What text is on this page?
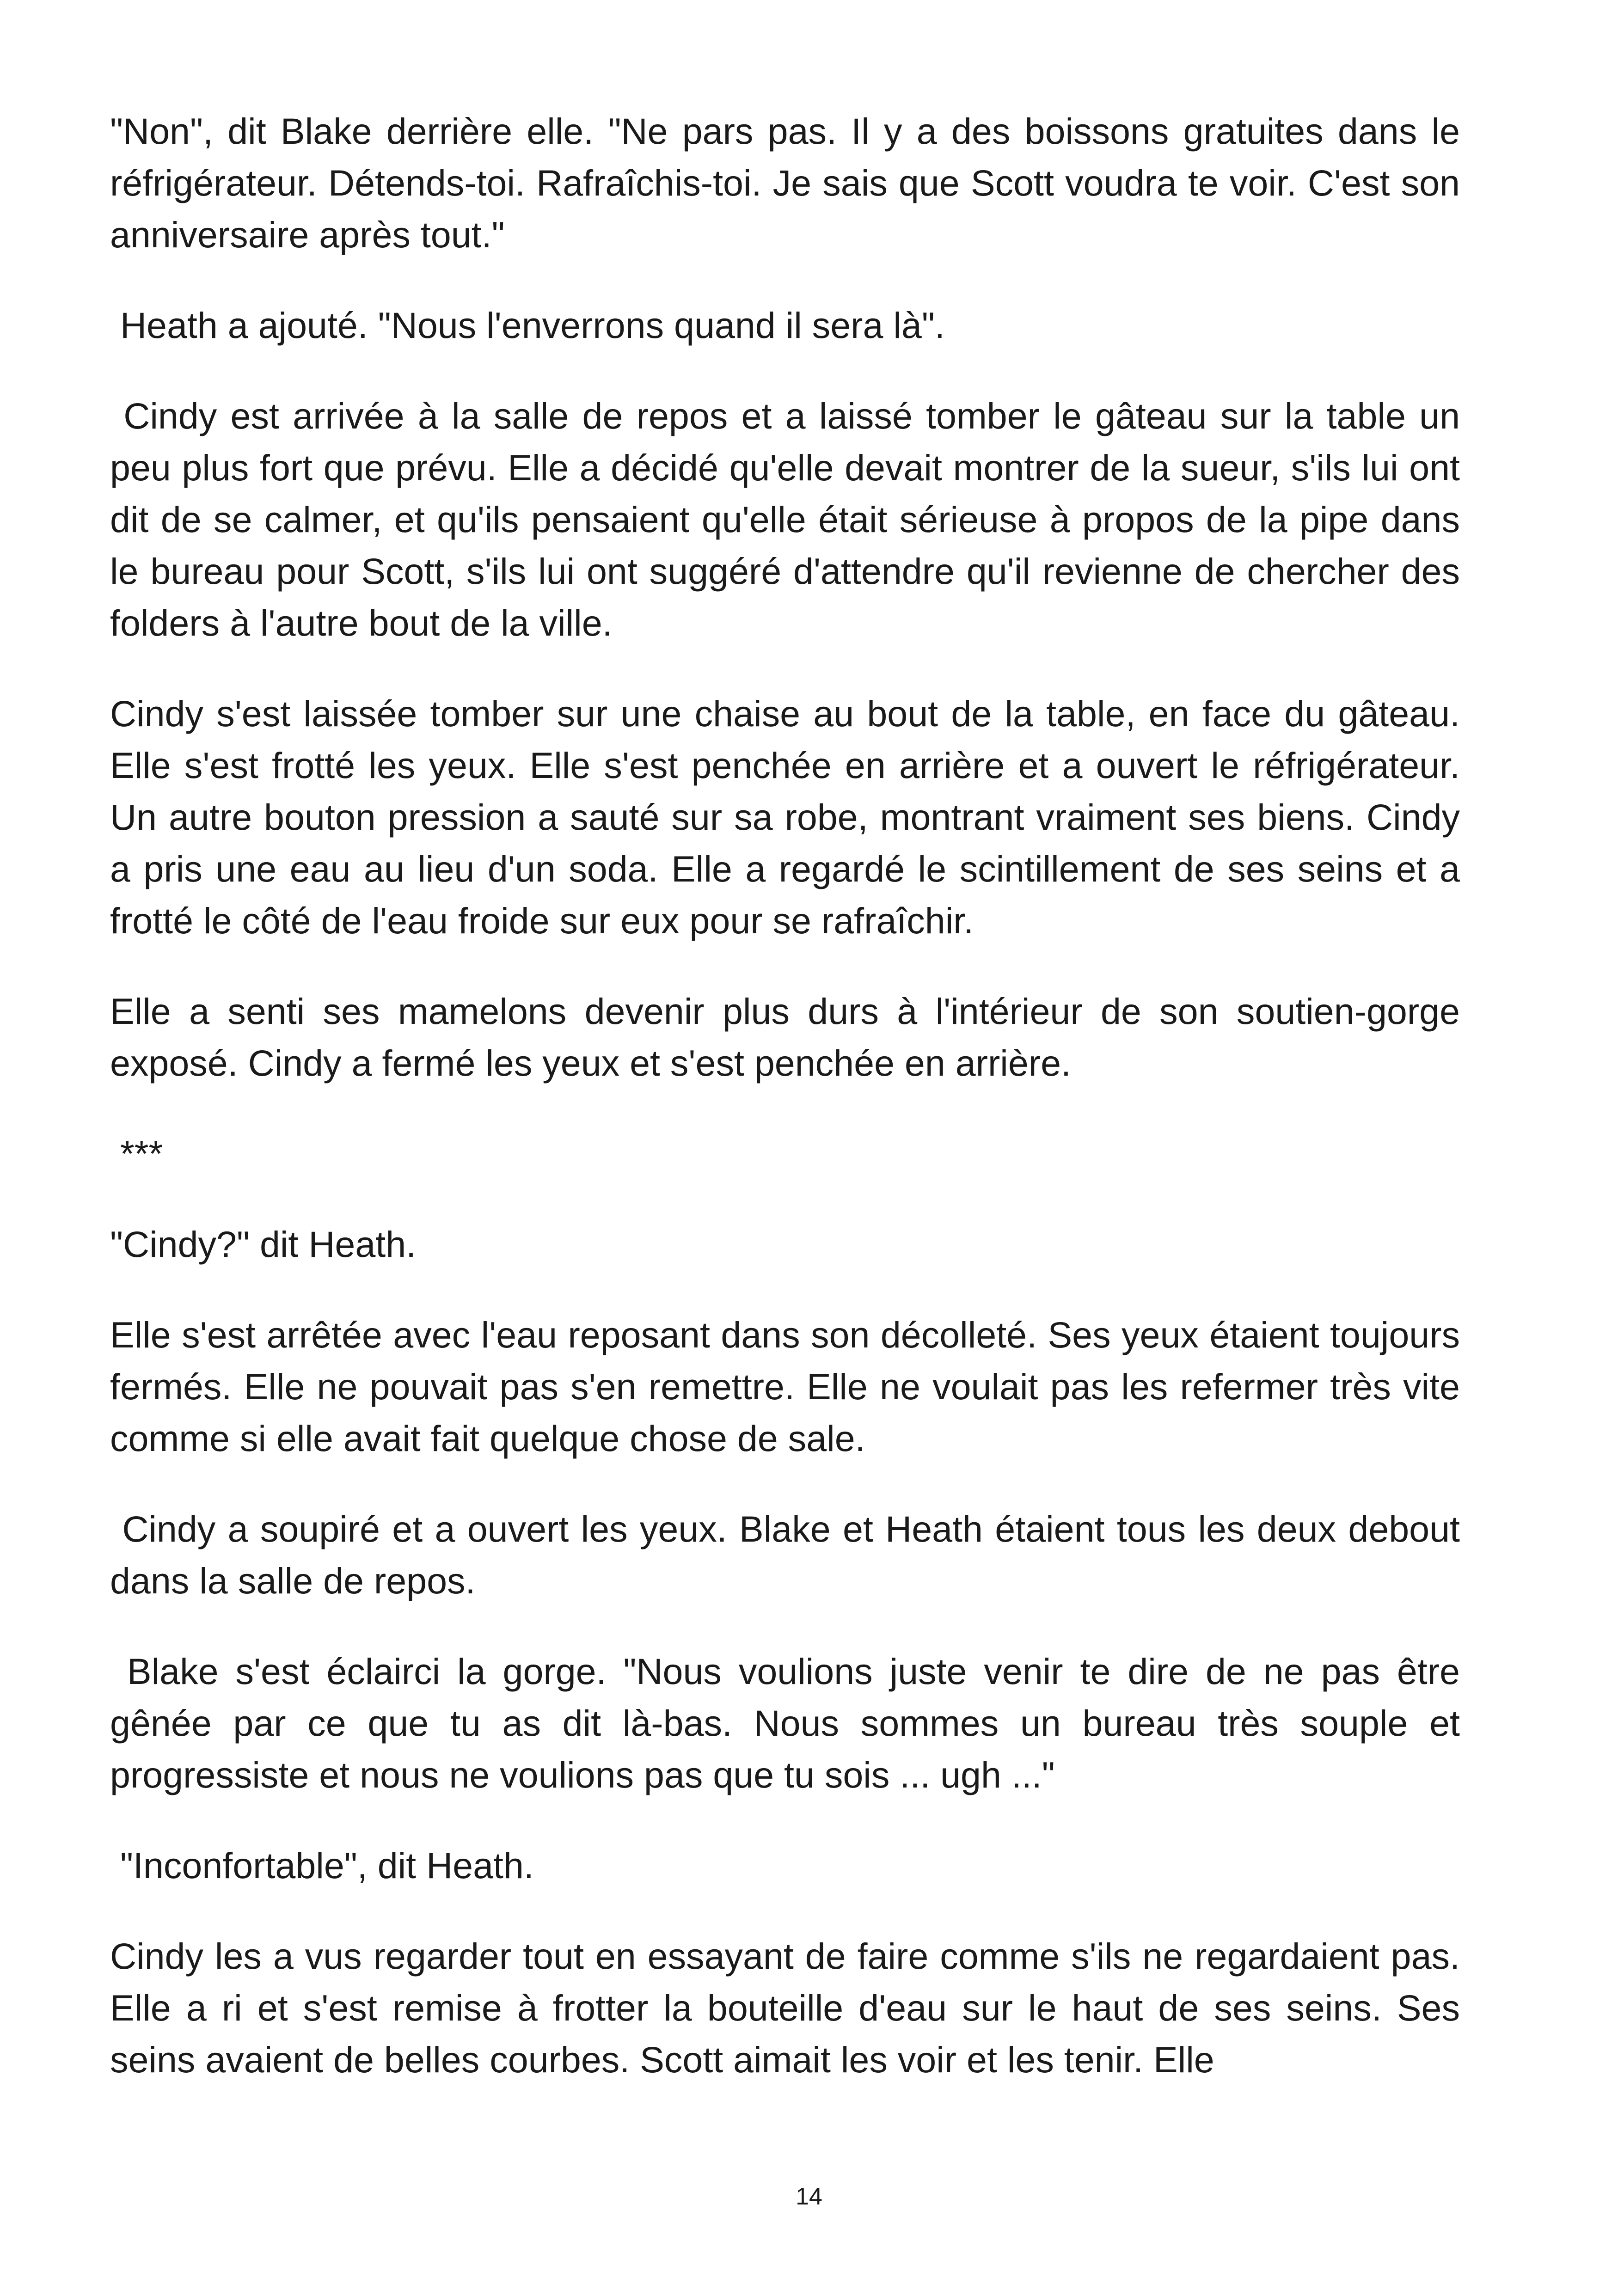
"Non", dit Blake derrière elle. "Ne pars pas. Il y a des boissons gratuites dans le réfrigérateur. Détends-toi. Rafraîchis-toi. Je sais que Scott voudra te voir. C'est son anniversaire après tout."

Heath a ajouté. "Nous l'enverrons quand il sera là".

Cindy est arrivée à la salle de repos et a laissé tomber le gâteau sur la table un peu plus fort que prévu. Elle a décidé qu'elle devait montrer de la sueur, s'ils lui ont dit de se calmer, et qu'ils pensaient qu'elle était sérieuse à propos de la pipe dans le bureau pour Scott, s'ils lui ont suggéré d'attendre qu'il revienne de chercher des folders à l'autre bout de la ville.

Cindy s'est laissée tomber sur une chaise au bout de la table, en face du gâteau. Elle s'est frotté les yeux. Elle s'est penchée en arrière et a ouvert le réfrigérateur. Un autre bouton pression a sauté sur sa robe, montrant vraiment ses biens. Cindy a pris une eau au lieu d'un soda. Elle a regardé le scintillement de ses seins et a frotté le côté de l'eau froide sur eux pour se rafraîchir.

Elle a senti ses mamelons devenir plus durs à l'intérieur de son soutien-gorge exposé. Cindy a fermé les yeux et s'est penchée en arrière.

***

"Cindy?" dit Heath.

Elle s'est arrêtée avec l'eau reposant dans son décolleté. Ses yeux étaient toujours fermés. Elle ne pouvait pas s'en remettre. Elle ne voulait pas les refermer très vite comme si elle avait fait quelque chose de sale.

Cindy a soupiré et a ouvert les yeux. Blake et Heath étaient tous les deux debout dans la salle de repos.

Blake s'est éclairci la gorge. "Nous voulions juste venir te dire de ne pas être gênée par ce que tu as dit là-bas. Nous sommes un bureau très souple et progressiste et nous ne voulions pas que tu sois ... ugh ..."

"Inconfortable", dit Heath.

Cindy les a vus regarder tout en essayant de faire comme s'ils ne regardaient pas. Elle a ri et s'est remise à frotter la bouteille d'eau sur le haut de ses seins. Ses seins avaient de belles courbes. Scott aimait les voir et les tenir. Elle

14
